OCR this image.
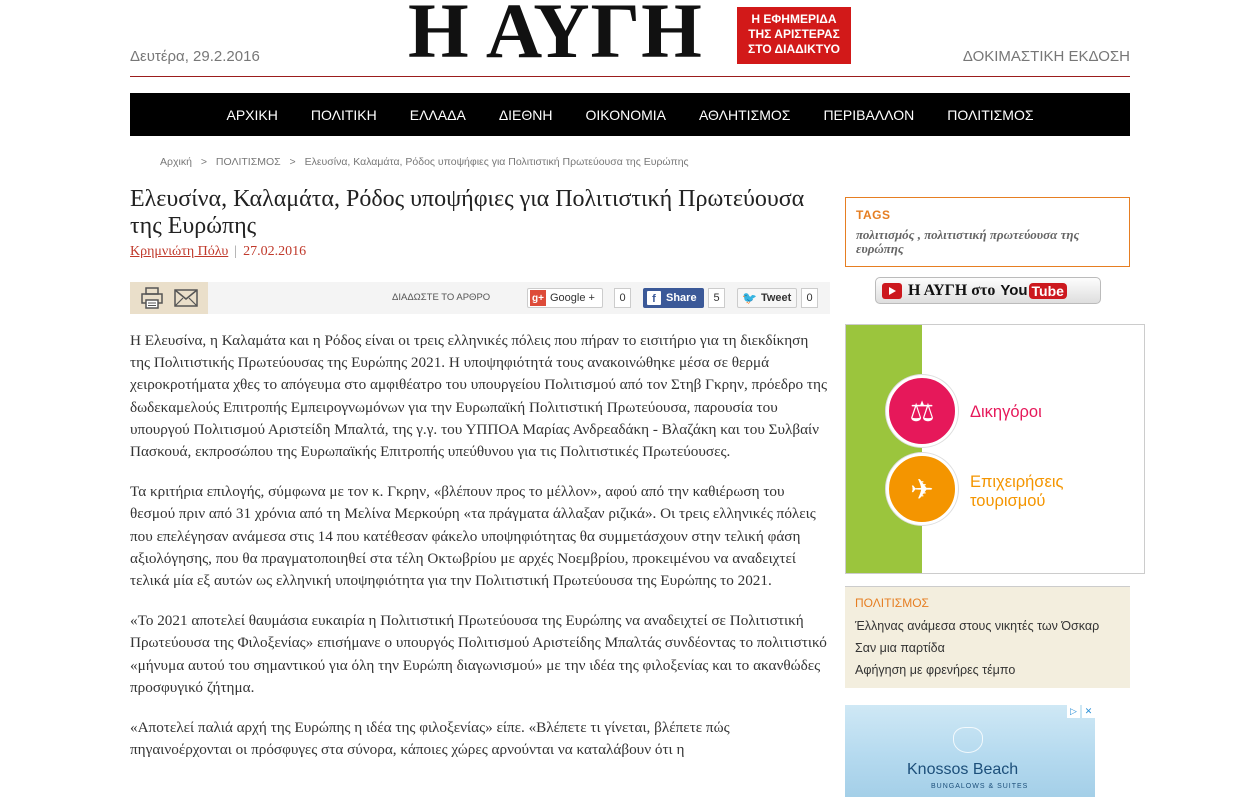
Δευτέρα, 29.2.2016 Η ΑΥΓΗ	Η ΕΦΗΜΕΡΙΔΑ
ΤΗΣ ΑΡΙΣΤΕΡΑΣ
ΣΤΟ ΔΙΑΔΙΚΤΥΟ	ΔΟΚΙΜΑΣΤΙΚΗ ΕΚΔΟΣΗ
ΑΡΧΙΚΗ	ΠΟΛΙΤΙΚΗ	ΕΛΛΑΔΑ	ΔΙΕΘΝΗ	ΟΙΚΟΝΟΜΙΑ	ΑΘΛΗΤΙΣΜΟΣ	ΠΕΡΙΒΑΛΛΟΝ	ΠΟΛΙΤΙΣΜΟΣ
Αρχική > ΠΟΛΙΤΙΣΜΟΣ > Ελευσίνα, Καλαμάτα, Ρόδος υποψήφιες για Πολιτιστική Πρωτεύουσα της Ευρώπης
Ελευσίνα, Καλαμάτα, Ρόδος υποψήφιες για Πολιτιστική Πρωτεύουσα της Ευρώπης
Κρημνιώτη Πόλυ | 27.02.2016
ΔΙΑΔΩΣΤΕ ΤΟ ΑΡΘΡΟ	g+ Google +	0	f Share	5	🐦 Tweet	0

Η Ελευσίνα, η Καλαμάτα και η Ρόδος είναι οι τρεις ελληνικές πόλεις που πήραν το εισιτήριο για τη διεκδίκηση της Πολιτιστικής Πρωτεύουσας της Ευρώπης 2021. Η υποψηφιότητά τους ανακοινώθηκε μέσα σε θερμά χειροκροτήματα χθες το απόγευμα στο αμφιθέατρο του υπουργείου Πολιτισμού από τον Στηβ Γκρην, πρόεδρο της δωδεκαμελούς Επιτροπής Εμπειρογνωμόνων για την Ευρωπαϊκή Πολιτιστική Πρωτεύουσα, παρουσία του υπουργού Πολιτισμού Αριστείδη Μπαλτά, της γ.γ. του ΥΠΠΟΑ Μαρίας Ανδρεαδάκη - Βλαζάκη και του Συλβαίν Πασκουά, εκπροσώπου της Ευρωπαϊκής Επιτροπής υπεύθυνου για τις Πολιτιστικές Πρωτεύουσες.

Τα κριτήρια επιλογής, σύμφωνα με τον κ. Γκρην, «βλέπουν προς το μέλλον», αφού από την καθιέρωση του θεσμού πριν από 31 χρόνια από τη Μελίνα Μερκούρη «τα πράγματα άλλαξαν ριζικά». Οι τρεις ελληνικές πόλεις που επελέγησαν ανάμεσα στις 14 που κατέθεσαν φάκελο υποψηφιότητας θα συμμετάσχουν στην τελική φάση αξιολόγησης, που θα πραγματοποιηθεί στα τέλη Οκτωβρίου με αρχές Νοεμβρίου, προκειμένου να αναδειχτεί τελικά μία εξ αυτών ως ελληνική υποψηφιότητα για την Πολιτιστική Πρωτεύουσα της Ευρώπης το 2021.

«Το 2021 αποτελεί θαυμάσια ευκαιρία η Πολιτιστική Πρωτεύουσα της Ευρώπης να αναδειχτεί σε Πολιτιστική Πρωτεύουσα της Φιλοξενίας» επισήμανε ο υπουργός Πολιτισμού Αριστείδης Μπαλτάς συνδέοντας το πολιτιστικό «μήνυμα αυτού του σημαντικού για όλη την Ευρώπη διαγωνισμού» με την ιδέα της φιλοξενίας και το ακανθώδες προσφυγικό ζήτημα.

«Αποτελεί παλιά αρχή της Ευρώπης η ιδέα της φιλοξενίας» είπε. «Βλέπετε τι γίνεται, βλέπετε πώς πηγαινοέρχονται οι πρόσφυγες στα σύνορα, κάποιες χώρες αρνούνται να καταλάβουν ότι η

TAGS
πολιτισμός , πολιτιστική πρωτεύουσα της ευρώπης
Η ΑΥΓΗ στο You Tube
⚖	Δικηγόροι
✈	Επιχειρήσεις τουρισμού
ΠΟΛΙΤΙΣΜΟΣ
Έλληνας ανάμεσα στους νικητές των Όσκαρ
Σαν μια παρτίδα
Αφήγηση με φρενήρες τέμπο
▷ ✕
Knossos Beach
BUNGALOWS & SUITES
